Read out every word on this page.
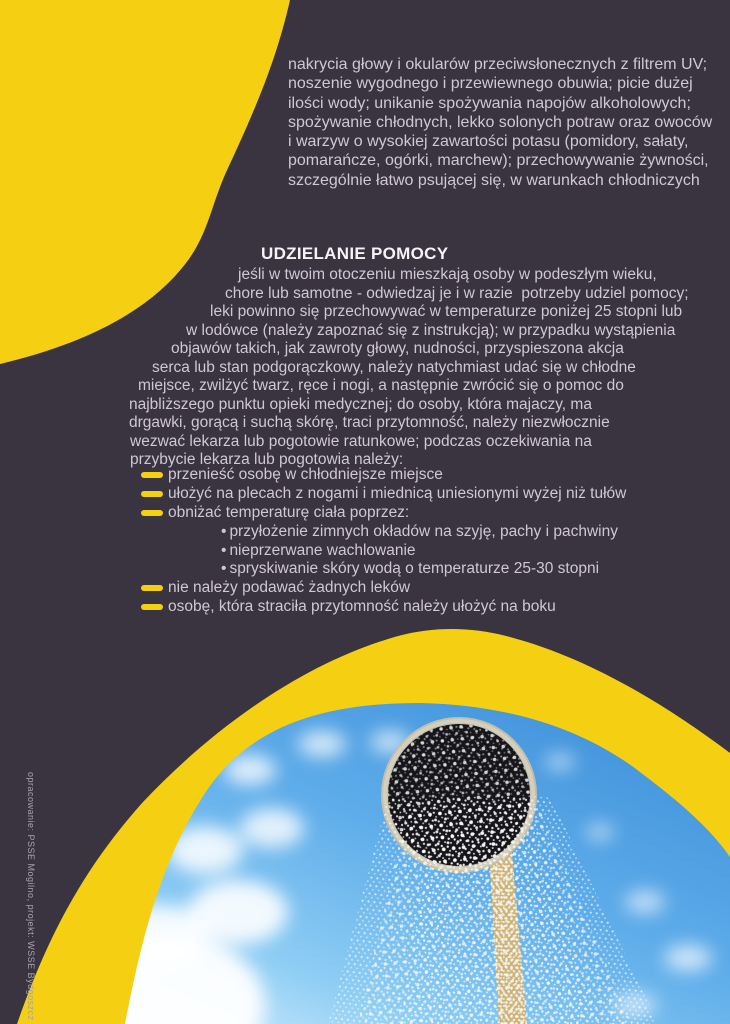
nakrycia głowy i okularów przeciwsłonecznych z filtrem UV;
noszenie wygodnego i przewiewnego obuwia; picie dużej
ilości wody; unikanie spożywania napojów alkoholowych;
spożywanie chłodnych, lekko solonych potraw oraz owoców
i warzyw o wysokiej zawartości potasu (pomidory, sałaty,
pomarańcze, ogórki, marchew); przechowywanie żywności,
szczególnie łatwo psującej się, w warunkach chłodniczych
UDZIELANIE POMOCY
jeśli w twoim otoczeniu mieszkają osoby w podeszłym wieku,
chore lub samotne - odwiedzaj je i w razie  potrzeby udziel pomocy;
leki powinno się przechowywać w temperaturze poniżej 25 stopni lub
w lodówce (należy zapoznać się z instrukcją); w przypadku wystąpienia
objawów takich, jak zawroty głowy, nudności, przyspieszona akcja
serca lub stan podgorączkowy, należy natychmiast udać się w chłodne
miejsce, zwilżyć twarz, ręce i nogi, a następnie zwrócić się o pomoc do
najbliższego punktu opieki medycznej; do osoby, która majaczy, ma
drgawki, gorącą i suchą skórę, traci przytomność, należy niezwłocznie
wezwać lekarza lub pogotowie ratunkowe; podczas oczekiwania na
przybycie lekarza lub pogotowia należy:
przenieść osobę w chłodniejsze miejsce
ułożyć na plecach z nogami i miednicą uniesionymi wyżej niż tułów
obniżać temperaturę ciała poprzez:
• przyłożenie zimnych okładów na szyję, pachy i pachwiny
• nieprzerwane wachlowanie
• spryskiwanie skóry wodą o temperaturze 25-30 stopni
nie należy podawać żadnych leków
osobę, która straciła przytomność należy ułożyć na boku
opracowanie: PSSE Mogilno, projekt: WSSE Bydgoszcz
